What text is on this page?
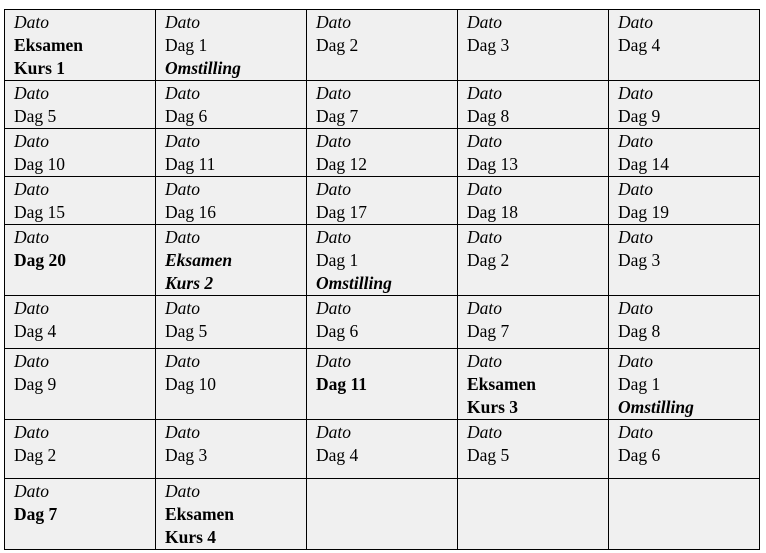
Dato
Eksamen
Kurs 1	Dato
Dag 1
Omstilling	Dato
Dag 2	Dato
Dag 3	Dato
Dag 4

Dato
Dag 5	Dato
Dag 6	Dato
Dag 7	Dato
Dag 8	Dato
Dag 9

Dato
Dag 10	Dato
Dag 11	Dato
Dag 12	Dato
Dag 13	Dato
Dag 14

Dato
Dag 15	Dato
Dag 16	Dato
Dag 17	Dato
Dag 18	Dato
Dag 19

Dato
Dag 20	Dato
Eksamen
Kurs 2	Dato
Dag 1
Omstilling	Dato
Dag 2	Dato
Dag 3

Dato
Dag 4	Dato
Dag 5	Dato
Dag 6	Dato
Dag 7	Dato
Dag 8

Dato
Dag 9	Dato
Dag 10	Dato
Dag 11	Dato
Eksamen
Kurs 3	Dato
Dag 1
Omstilling

Dato
Dag 2	Dato
Dag 3	Dato
Dag 4	Dato
Dag 5	Dato
Dag 6

Dato
Dag 7	Dato
Eksamen
Kurs 4			
